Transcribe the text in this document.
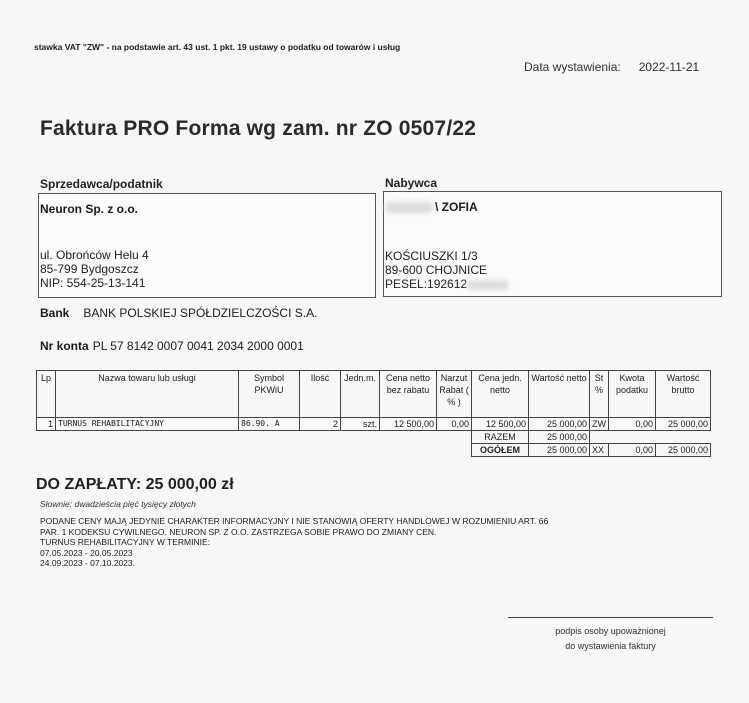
stawka VAT "ZW" - na podstawie art. 43 ust. 1 pkt. 19 ustawy o podatku od towarów i usług
Data wystawienia: 2022-11-21
Faktura PRO Forma wg zam. nr ZO 0507/22
Sprzedawca/podatnik
Neuron Sp. z o.o.
ul. Obrońców Helu 4
85-799 Bydgoszcz
NIP: 554-25-13-141
Nabywca
\ ZOFIA
KOŚCIUSZKI 1/3
89-600 CHOJNICE
PESEL:192612
Bank BANK POLSKIEJ SPÓŁDZIELCZOŚCI S.A.
Nr konta PL 57 8142 0007 0041 2034 2000 0001
Lp	Nazwa towaru lub usługi	Symbol PKWiU	Ilość	Jedn.m.	Cena netto bez rabatu	Narzut Rabat ( % )	Cena jedn. netto	Wartość netto	St %	Kwota podatku	Wartość brutto
1	TURNUS REHABILITACYJNY	86.90. A	2	szt.	12 500,00	0,00	12 500,00	25 000,00	ZW	0,00	25 000,00
							RAZEM	25 000,00			
							OGÓŁEM	25 000,00	XX	0,00	25 000,00
DO ZAPŁATY: 25 000,00 zł
Słownie: dwadzieścia pięć tysięcy złotych
PODANE CENY MAJĄ JEDYNIE CHARAKTER INFORMACYJNY I NIE STANOWIĄ OFERTY HANDLOWEJ W ROZUMIENIU ART. 66
PAR. 1 KODEKSU CYWILNEGO. NEURON SP. Z O.O. ZASTRZEGA SOBIE PRAWO DO ZMIANY CEN.
TURNUS REHABILITACYJNY W TERMINIE:
07.05.2023 - 20.05.2023
24.09.2023 - 07.10.2023.
podpis osoby upoważnionej
do wystawienia faktury
